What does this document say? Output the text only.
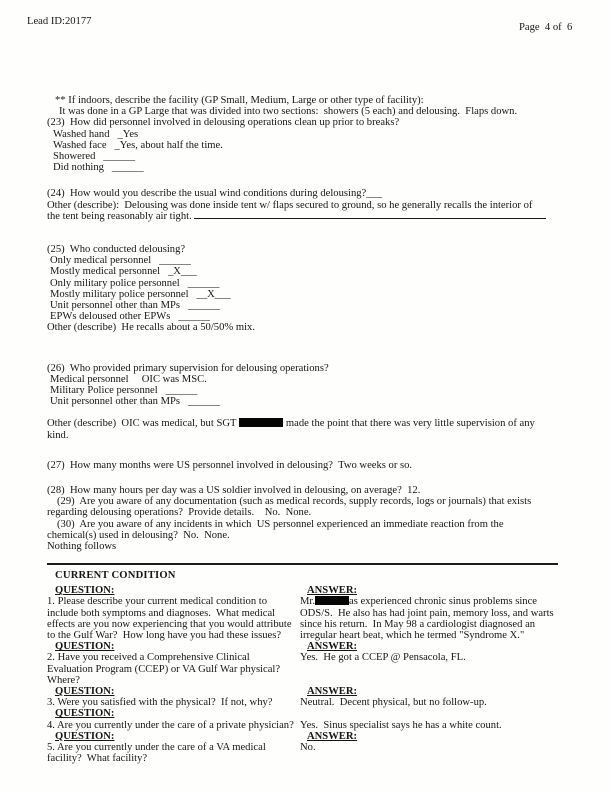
Lead ID:20177
Page  4 of  6
** If indoors, describe the facility (GP Small, Medium, Large or other type of facility):
It was done in a GP Large that was divided into two sections:  showers (5 each) and delousing.  Flaps down.
(23)  How did personnel involved in delousing operations clean up prior to breaks?
Washed hand   _Yes
Washed face   _Yes, about half the time.
Showered   ______
Did nothing   ______
(24)  How would you describe the usual wind conditions during delousing?___
Other (describe):  Delousing was done inside tent w/ flaps secured to ground, so he generally recalls the interior of
the tent being reasonably air tight.
(25)  Who conducted delousing?
Only medical personnel   ______
Mostly medical personnel   _X___
Only military police personnel   ______
Mostly military police personnel   __X___
Unit personnel other than MPs   ______
EPWs deloused other EPWs   ______
Other (describe)  He recalls about a 50/50% mix.
(26)  Who provided primary supervision for delousing operations?
Medical personnel     OIC was MSC.
Military Police personnel   ______
Unit personnel other than MPs   ______
Other (describe)  OIC was medical, but SGT	made the point that there was very little supervision of any
kind.
(27)  How many months were US personnel involved in delousing?  Two weeks or so.
(28)  How many hours per day was a US soldier involved in delousing, on average?  12.
(29)  Are you aware of any documentation (such as medical records, supply records, logs or journals) that exists
regarding delousing operations?  Provide details.    No.  None.
(30)  Are you aware of any incidents in which  US personnel experienced an immediate reaction from the
chemical(s) used in delousing?  No.  None.
Nothing follows
CURRENT CONDITION
QUESTION:	ANSWER:
1. Please describe your current medical condition to include both symptoms and diagnoses.  What medical effects are you now experiencing that you would attribute to the Gulf War?  How long have you had these issues?
Mr.	as experienced chronic sinus problems since ODS/S.  He also has had joint pain, memory loss, and warts since his return.  In May 98 a cardiologist diagnosed an irregular heart beat, which he termed "Syndrome X."
QUESTION:	ANSWER:
2. Have you received a Comprehensive Clinical Evaluation Program (CCEP) or VA Gulf War physical?  Where?
Yes.  He got a CCEP @ Pensacola, FL.
QUESTION:	ANSWER:
3. Were you satisfied with the physical?  If not, why?	Neutral.  Decent physical, but no follow-up.
QUESTION:
4. Are you currently under the care of a private physician? Yes.  Sinus specialist says he has a white count.
QUESTION:	ANSWER:
5. Are you currently under the care of a VA medical facility?  What facility?
No.
